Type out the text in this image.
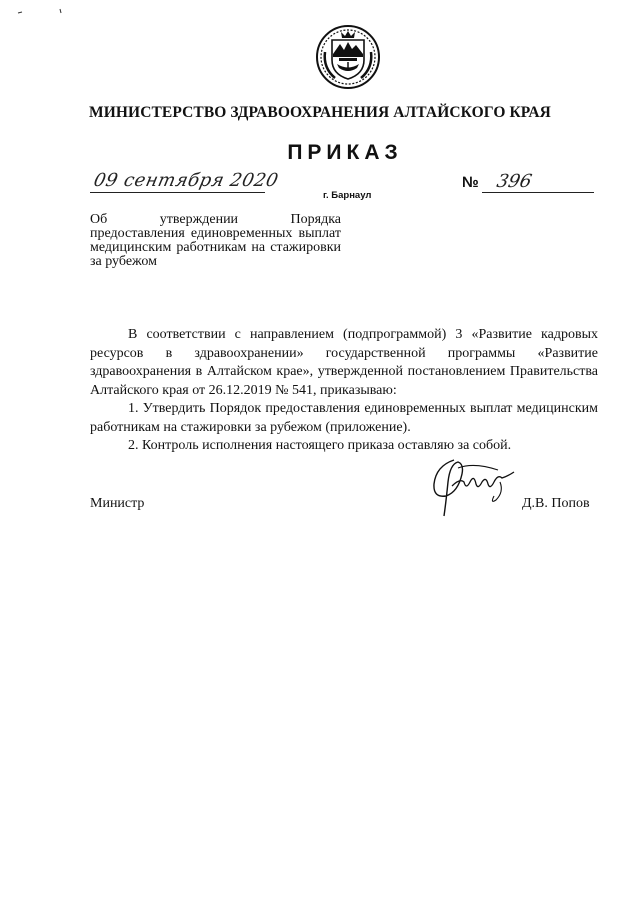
МИНИСТЕРСТВО ЗДРАВООХРАНЕНИЯ АЛТАЙСКОГО КРАЯ
ПРИКАЗ
09 сентября 2020
г. Барнаул
№ 396
Об утверждении Порядка предоставления единовременных выплат медицинским работникам на стажировки за рубежом

В соответствии с направлением (подпрограммой) 3 «Развитие кадровых ресурсов в здравоохранении» государственной программы «Развитие здравоохранения в Алтайском крае», утвержденной постановлением Правительства Алтайского края от 26.12.2019 № 541, приказываю:

1. Утвердить Порядок предоставления единовременных выплат медицинским работникам на стажировки за рубежом (приложение).

2. Контроль исполнения настоящего приказа оставляю за собой.

Министр	Д.В. Попов
